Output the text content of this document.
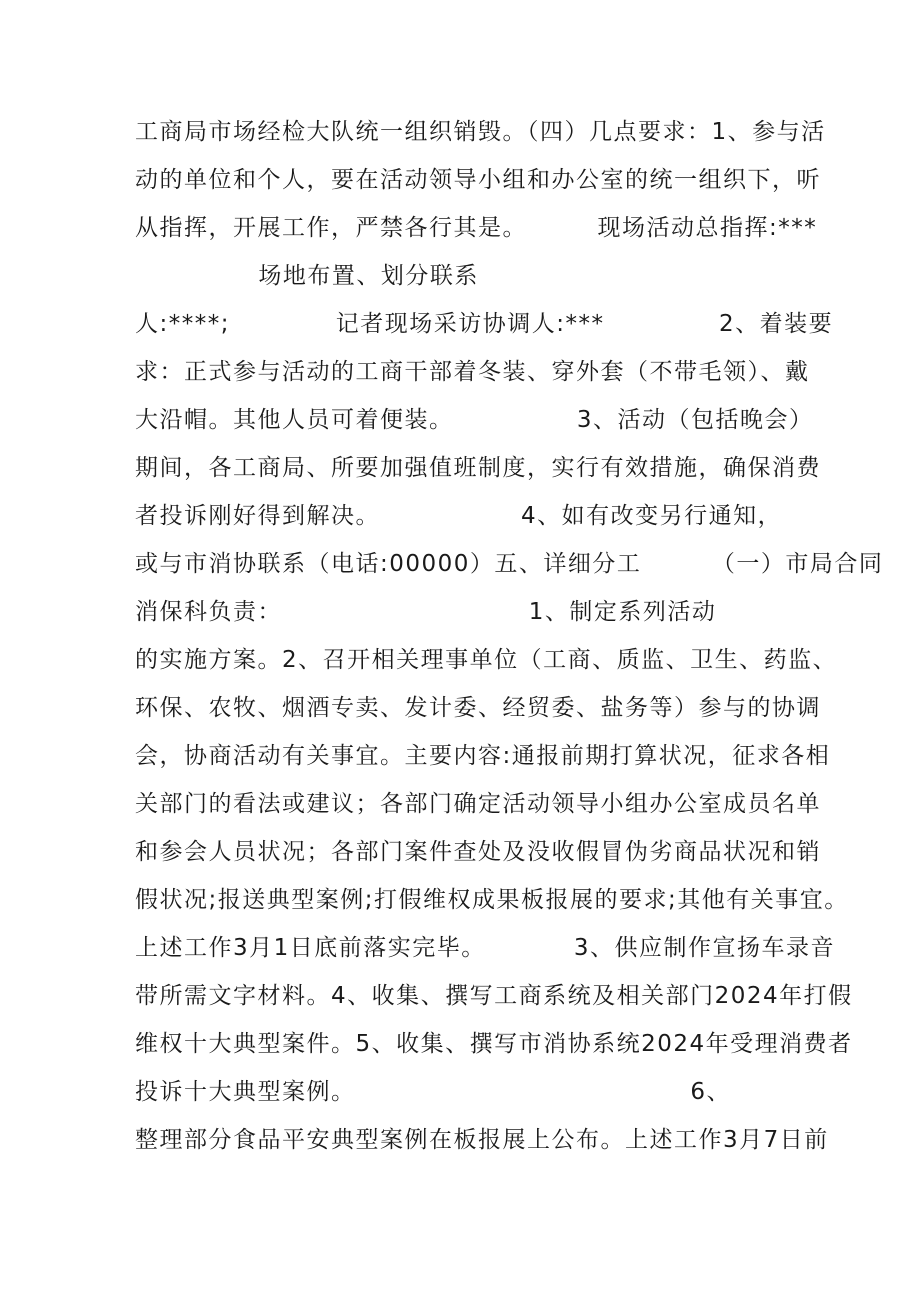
工商局市场经检大队统一组织销毁。（四）几点要求：1、参与活
动的单位和个人，要在活动领导小组和办公室的统一组织下，听
从指挥，开展工作，严禁各行其是。        现场活动总指挥:***
场地布置、划分联系
人:****;            记者现场采访协调人:***             2、着装要
求：正式参与活动的工商干部着冬装、穿外套（不带毛领）、戴
大沿帽。其他人员可着便装。              3、活动（包括晚会）
期间，各工商局、所要加强值班制度，实行有效措施，确保消费
者投诉刚好得到解决。                4、如有改变另行通知，
或与市消协联系（电话:00000）五、详细分工        （一）市局合同
消保科负责：                            1、制定系列活动
的实施方案。2、召开相关理事单位（工商、质监、卫生、药监、
环保、农牧、烟酒专卖、发计委、经贸委、盐务等）参与的协调
会，协商活动有关事宜。主要内容:通报前期打算状况，征求各相
关部门的看法或建议；各部门确定活动领导小组办公室成员名单
和参会人员状况；各部门案件查处及没收假冒伪劣商品状况和销
假状况;报送典型案例;打假维权成果板报展的要求;其他有关事宜。
上述工作3月1日底前落实完毕。          3、供应制作宣扬车录音
带所需文字材料。4、收集、撰写工商系统及相关部门2024年打假
维权十大典型案件。5、收集、撰写市消协系统2024年受理消费者
投诉十大典型案例。                                      6、
整理部分食品平安典型案例在板报展上公布。上述工作3月7日前
